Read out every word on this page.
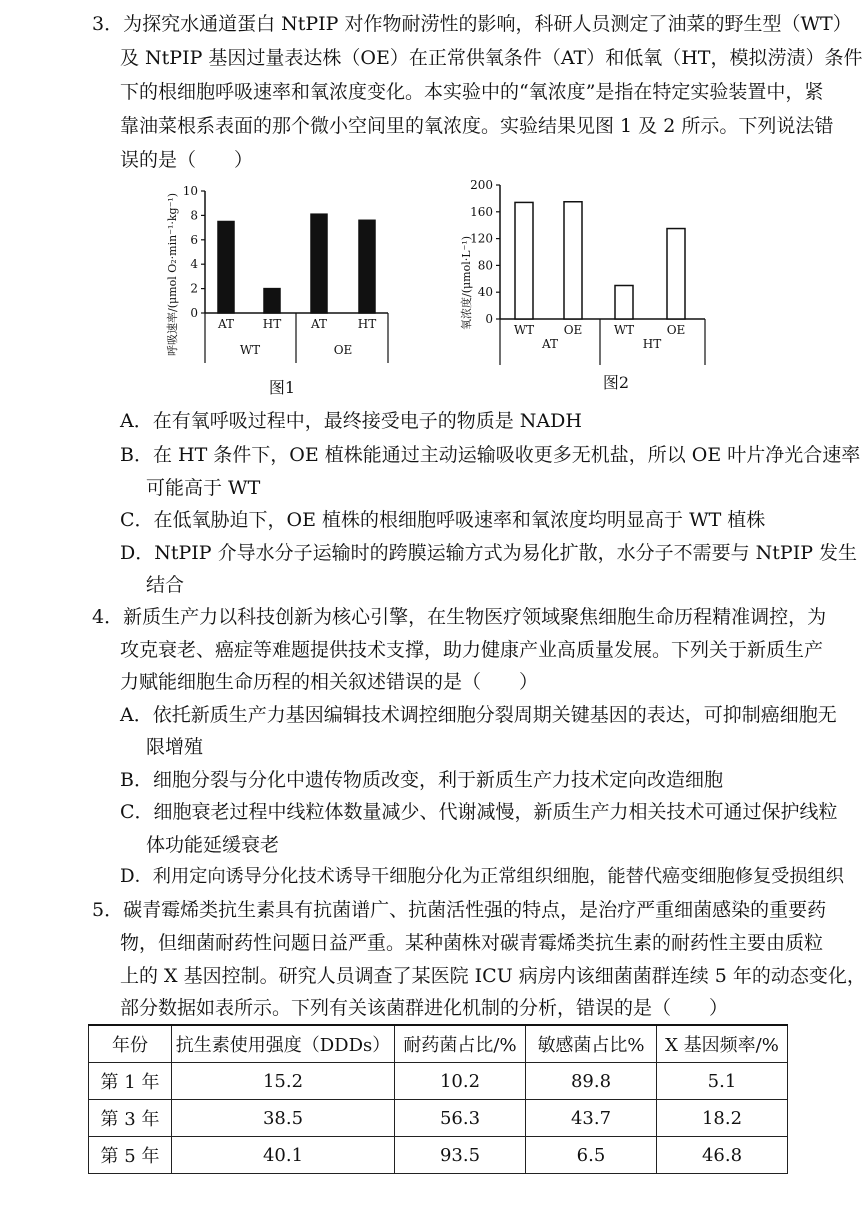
3．为探究水通道蛋白 NtPIP 对作物耐涝性的影响，科研人员测定了油菜的野生型（WT）
及 NtPIP 基因过量表达株（OE）在正常供氧条件（AT）和低氧（HT，模拟涝渍）条件
下的根细胞呼吸速率和氧浓度变化。本实验中的“氧浓度”是指在特定实验装置中，紧
靠油菜根系表面的那个微小空间里的氧浓度。实验结果见图 1 及 2 所示。下列说法错
误的是（　　）
呼吸速率/(μmol O₂·min⁻¹·kg⁻¹) 0
2
4
6
8
10
AT HT AT	HT
WT	OE
图1
氧浓度/(μmol·L⁻¹) 0
40
80
120
160
200
WT OE	WT	OE
AT	HT
图2
A．在有氧呼吸过程中，最终接受电子的物质是 NADH
B．在 HT 条件下，OE 植株能通过主动运输吸收更多无机盐，所以 OE 叶片净光合速率
可能高于 WT
C．在低氧胁迫下，OE 植株的根细胞呼吸速率和氧浓度均明显高于 WT 植株
D．NtPIP 介导水分子运输时的跨膜运输方式为易化扩散，水分子不需要与 NtPIP 发生
结合
4．新质生产力以科技创新为核心引擎，在生物医疗领域聚焦细胞生命历程精准调控，为
攻克衰老、癌症等难题提供技术支撑，助力健康产业高质量发展。下列关于新质生产
力赋能细胞生命历程的相关叙述错误的是（　　）
A．依托新质生产力基因编辑技术调控细胞分裂周期关键基因的表达，可抑制癌细胞无
限增殖
B．细胞分裂与分化中遗传物质改变，利于新质生产力技术定向改造细胞
C．细胞衰老过程中线粒体数量减少、代谢减慢，新质生产力相关技术可通过保护线粒
体功能延缓衰老
D．利用定向诱导分化技术诱导干细胞分化为正常组织细胞，能替代癌变细胞修复受损组织
5．碳青霉烯类抗生素具有抗菌谱广、抗菌活性强的特点，是治疗严重细菌感染的重要药
物，但细菌耐药性问题日益严重。某种菌株对碳青霉烯类抗生素的耐药性主要由质粒
上的 X 基因控制。研究人员调查了某医院 ICU 病房内该细菌菌群连续 5 年的动态变化，
部分数据如表所示。下列有关该菌群进化机制的分析，错误的是（　　）
年份	抗生素使用强度（DDDs）	耐药菌占比/%	敏感菌占比%	X 基因频率/%
第 1 年	15.2	10.2	89.8	5.1
第 3 年	38.5	56.3	43.7	18.2
第 5 年	40.1	93.5	6.5	46.8
